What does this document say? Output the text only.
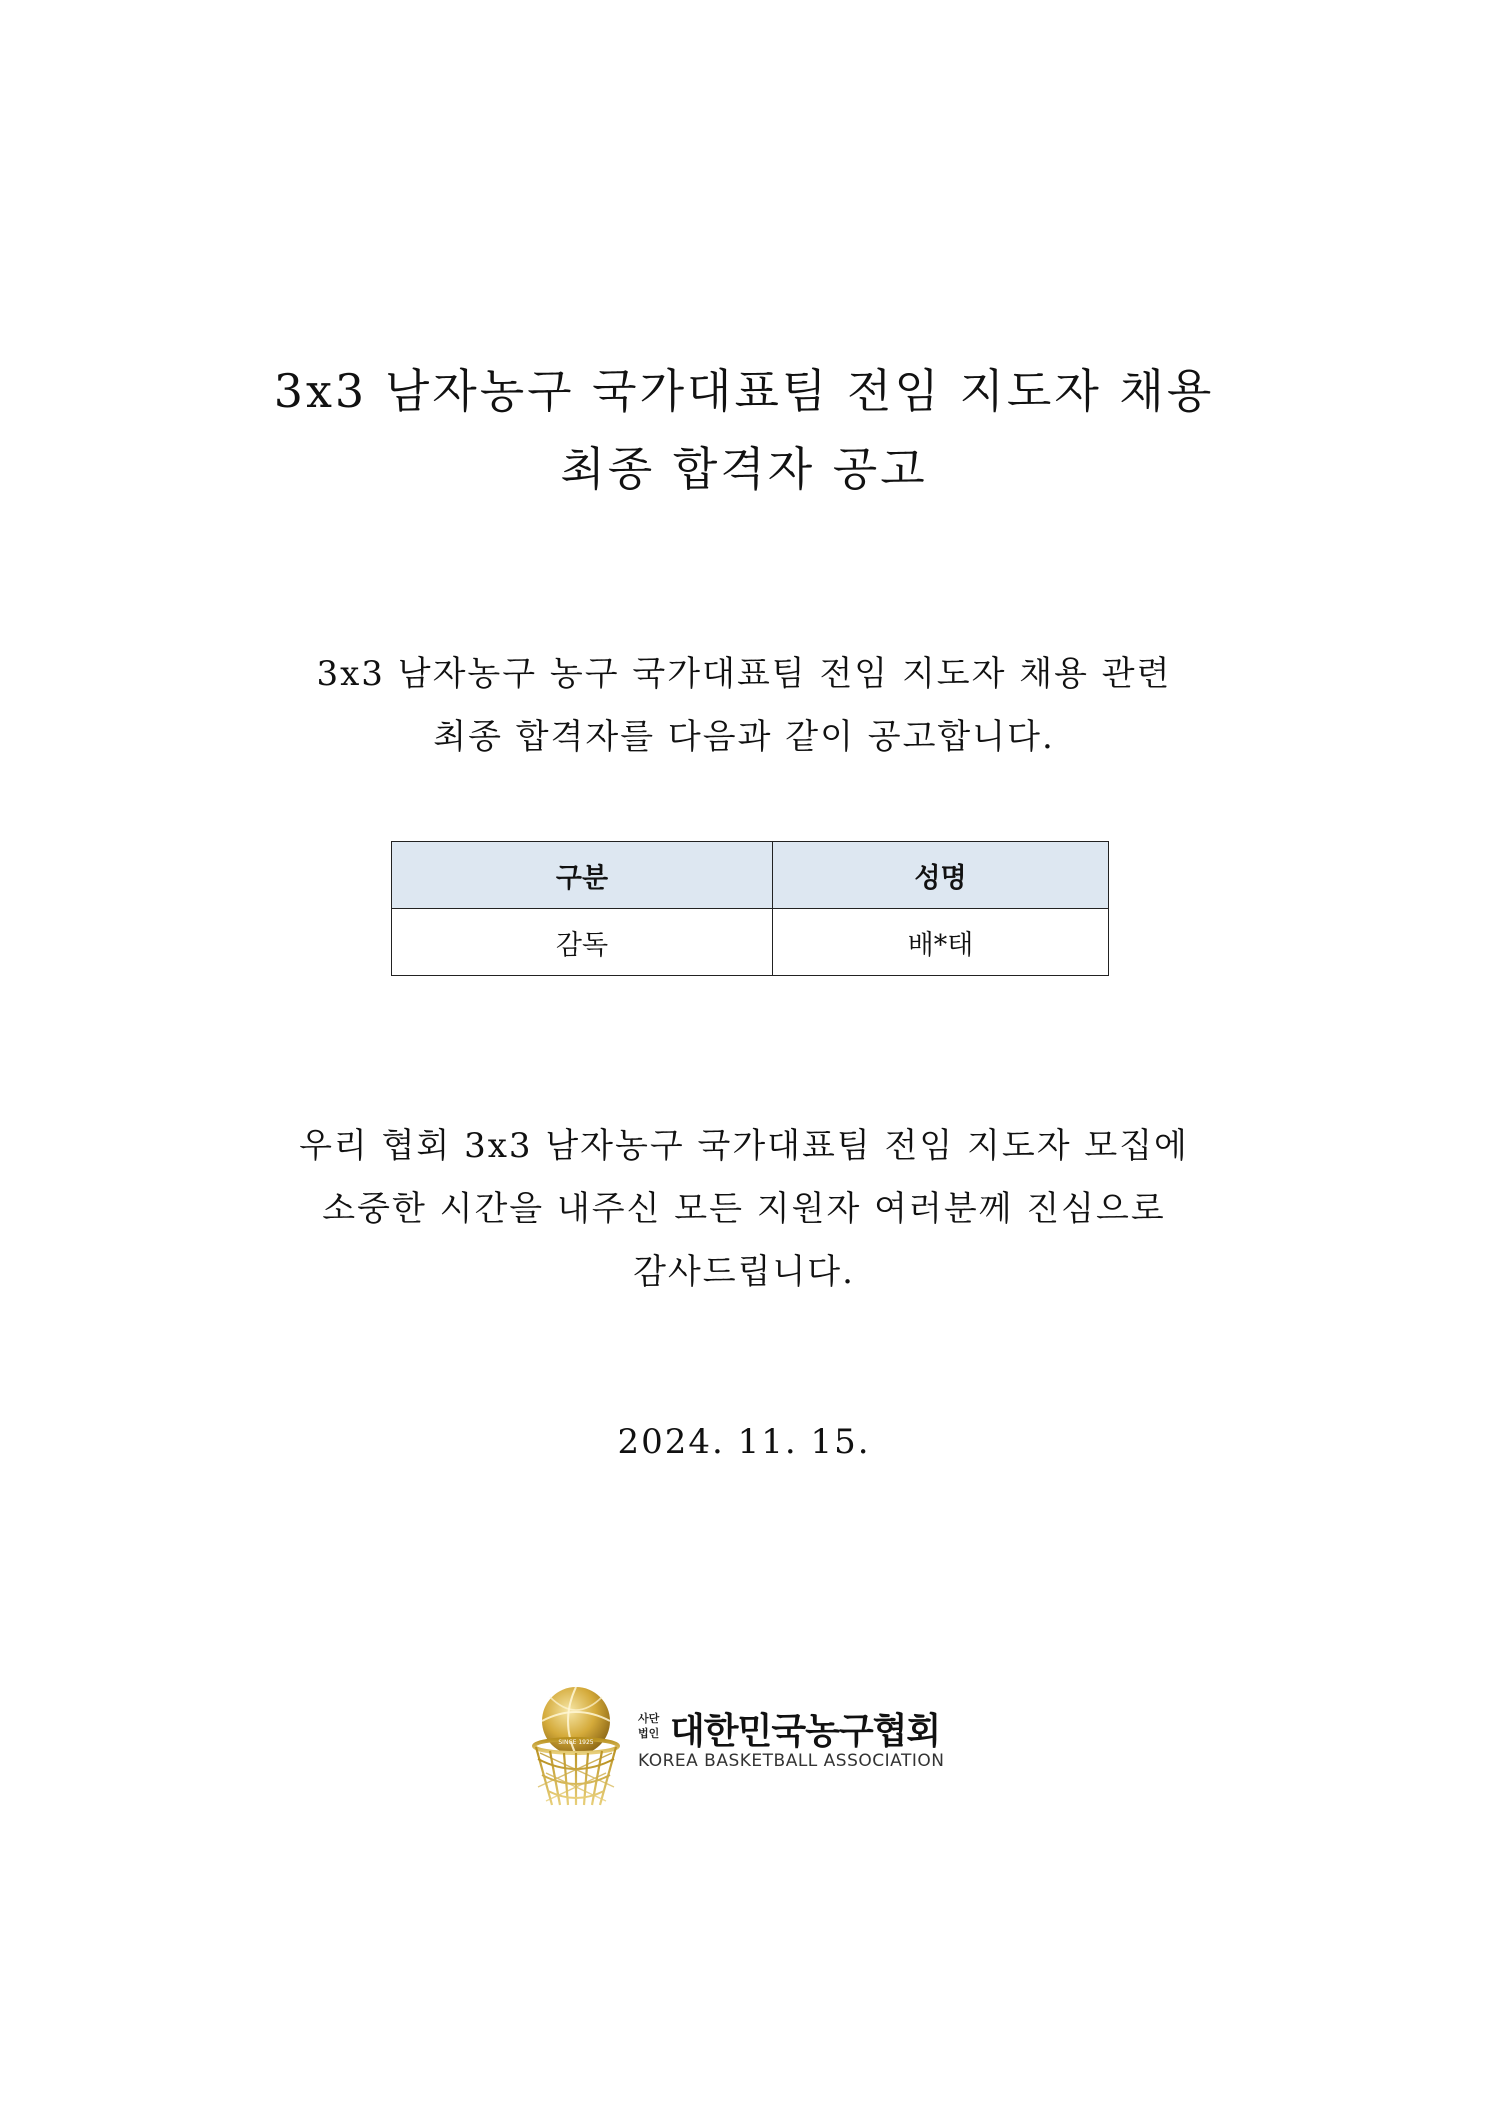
3x3 남자농구 국가대표팀 전임 지도자 채용
최종 합격자 공고
3x3 남자농구 농구 국가대표팀 전임 지도자 채용 관련
최종 합격자를 다음과 같이 공고합니다.
구분	성명
감독	배*태
우리 협회 3x3 남자농구 국가대표팀 전임 지도자 모집에
소중한 시간을 내주신 모든 지원자 여러분께 진심으로
감사드립니다.
2024. 11. 15.
SINCE 1925
사단
법인 대한민국농구협회
KOREA BASKETBALL ASSOCIATION
